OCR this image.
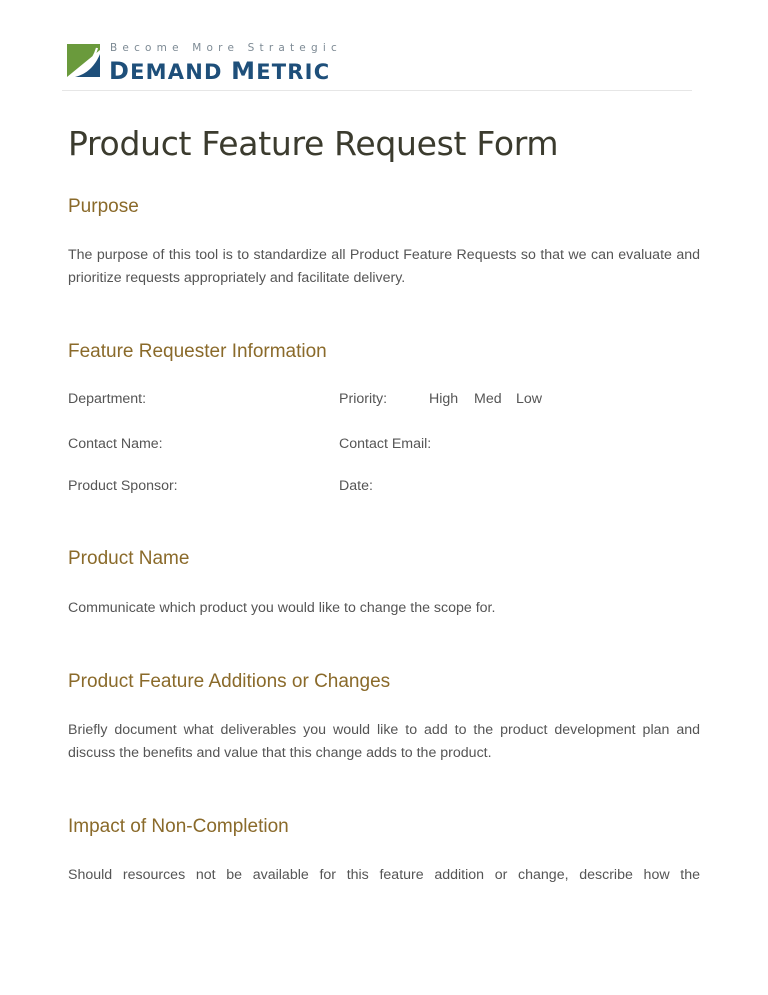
Become More Strategic
DEMAND METRIC
Product Feature Request Form
Purpose

The purpose of this tool is to standardize all Product Feature Requests so that we can evaluate and prioritize requests appropriately and facilitate delivery.

Feature Requester Information
Department:	Priority:	High Med Low
Contact Name:	Contact Email:
Product Sponsor:	Date:
Product Name

Communicate which product you would like to change the scope for.

Product Feature Additions or Changes

Briefly document what deliverables you would like to add to the product development plan and discuss the benefits and value that this change adds to the product.

Impact of Non-Completion

Should resources not be available for this feature addition or change, describe how the
